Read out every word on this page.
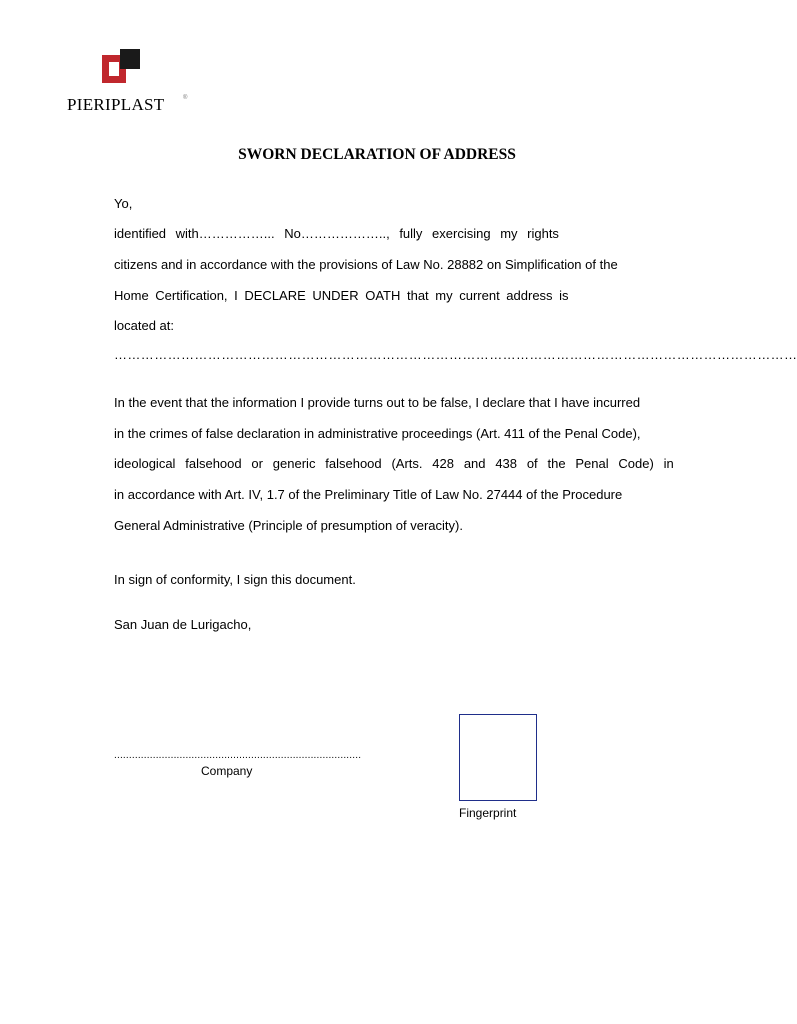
PIERIPLAST	®
SWORN DECLARATION OF ADDRESS
Yo,
identified with……………... No……………….., fully exercising my rights
citizens and in accordance with the provisions of Law No. 28882 on Simplification of the
Home Certification, I DECLARE UNDER OATH that my current address is
located at:
………………………………………………………………………………………………………………………………………
In the event that the information I provide turns out to be false, I declare that I have incurred
in the crimes of false declaration in administrative proceedings (Art. 411 of the Penal Code),
ideological falsehood or generic falsehood (Arts. 428 and 438 of the Penal Code) in
in accordance with Art. IV, 1.7 of the Preliminary Title of Law No. 27444 of the Procedure
General Administrative (Principle of presumption of veracity).
In sign of conformity, I sign this document.
San Juan de Lurigacho,
...................................................................................
Company
Fingerprint
